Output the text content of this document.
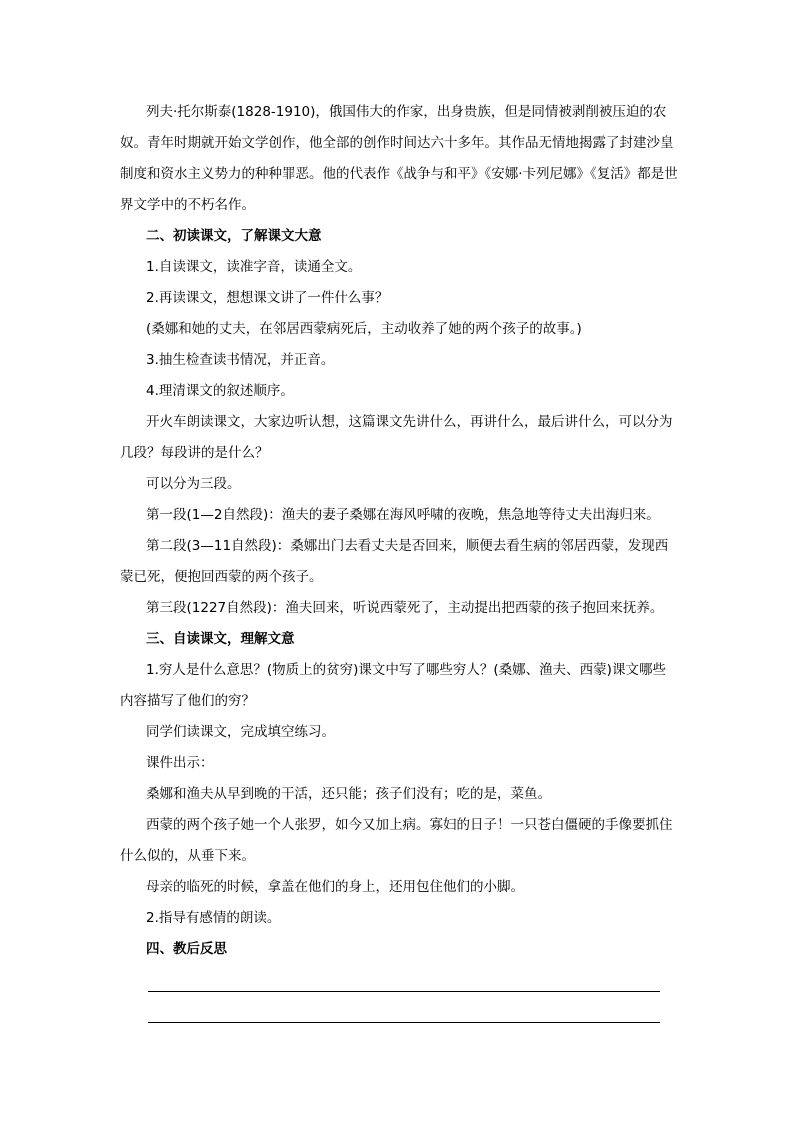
列夫·托尔斯泰(1828-1910)，俄国伟大的作家，出身贵族，但是同情被剥削被压迫的农奴。青年时期就开始文学创作，他全部的创作时间达六十多年。其作品无情地揭露了封建沙皇制度和资水主义势力的种种罪恶。他的代表作《战争与和平》《安娜·卡列尼娜》《复活》都是世界文学中的不朽名作。

二、初读课文，了解课文大意

1.自读课文，读准字音，读通全文。

2.再读课文，想想课文讲了一件什么事？

(桑娜和她的丈夫，在邻居西蒙病死后，主动收养了她的两个孩子的故事。)

3.抽生检查读书情况，并正音。

4.理清课文的叙述顺序。

开火车朗读课文，大家边听认想，这篇课文先讲什么，再讲什么，最后讲什么，可以分为几段？每段讲的是什么？

可以分为三段。

第一段(1—2自然段)：渔夫的妻子桑娜在海风呼啸的夜晚，焦急地等待丈夫出海归来。

第二段(3—11自然段)：桑娜出门去看丈夫是否回来，顺便去看生病的邻居西蒙，发现西蒙已死，便抱回西蒙的两个孩子。

第三段(1227自然段)：渔夫回来，听说西蒙死了，主动提出把西蒙的孩子抱回来抚养。

三、自读课文，理解文意

1.穷人是什么意思？(物质上的贫穷)课文中写了哪些穷人？(桑娜、渔夫、西蒙)课文哪些内容描写了他们的穷？

同学们读课文，完成填空练习。

课件出示：

桑娜和渔夫从早到晚的干活，还只能；孩子们没有；吃的是，菜鱼。

西蒙的两个孩子她一个人张罗，如今又加上病。寡妇的日子！一只苍白僵硬的手像要抓住什么似的，从垂下来。

母亲的临死的时候，拿盖在他们的身上，还用包住他们的小脚。

2.指导有感情的朗读。

四、教后反思
